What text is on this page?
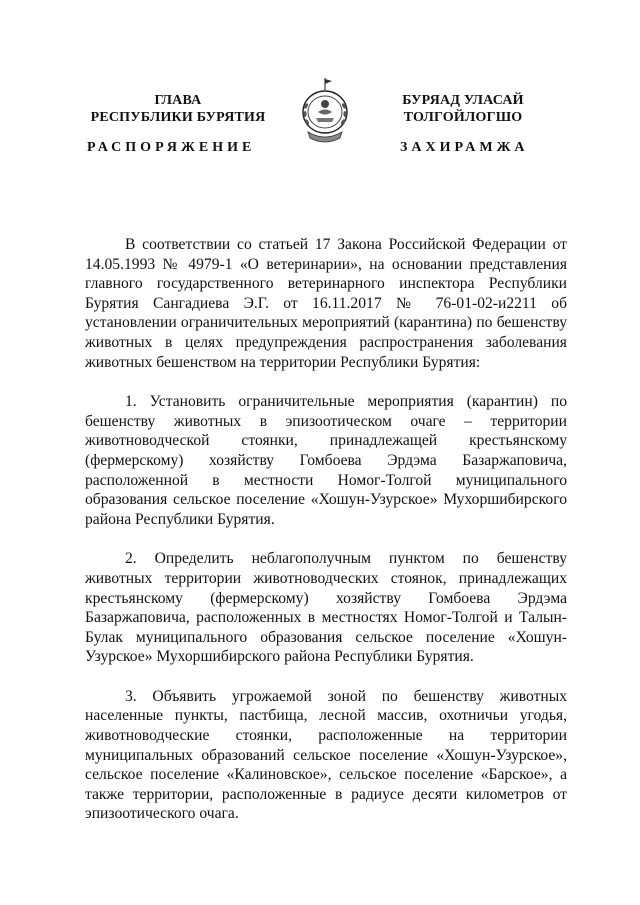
ГЛАВА
РЕСПУБЛИКИ БУРЯТИЯ
БУРЯАД УЛАСАЙ
ТОЛГОЙЛОГШО
РАСПОРЯЖЕНИЕ	ЗАХИРАМЖА

В соответствии со статьей 17 Закона Российской Федерации от 14.05.1993 № 4979-1 «О ветеринарии», на основании представления главного государственного ветеринарного инспектора Республики Бурятия Сангадиева Э.Г. от 16.11.2017 № 76-01-02-и2211 об установлении ограничительных мероприятий (карантина) по бешенству животных в целях предупреждения распространения заболевания животных бешенством на территории Республики Бурятия:

1. Установить ограничительные мероприятия (карантин) по бешенству животных в эпизоотическом очаге – территории животноводческой стоянки, принадлежащей крестьянскому (фермерскому) хозяйству Гомбоева Эрдэма Базаржаповича, расположенной в местности Номог-Толгой муниципального образования сельское поселение «Хошун-Узурское» Мухоршибирского района Республики Бурятия.

2. Определить неблагополучным пунктом по бешенству животных территории животноводческих стоянок, принадлежащих крестьянскому (фермерскому) хозяйству Гомбоева Эрдэма Базаржаповича, расположенных в местностях Номог-Толгой и Талын-Булак муниципального образования сельское поселение «Хошун-Узурское» Мухоршибирского района Республики Бурятия.

3. Объявить угрожаемой зоной по бешенству животных населенные пункты, пастбища, лесной массив, охотничьи угодья, животноводческие стоянки, расположенные на территории муниципальных образований сельское поселение «Хошун-Узурское», сельское поселение «Калиновское», сельское поселение «Барское», а также территории, расположенные в радиусе десяти километров от эпизоотического очага.
